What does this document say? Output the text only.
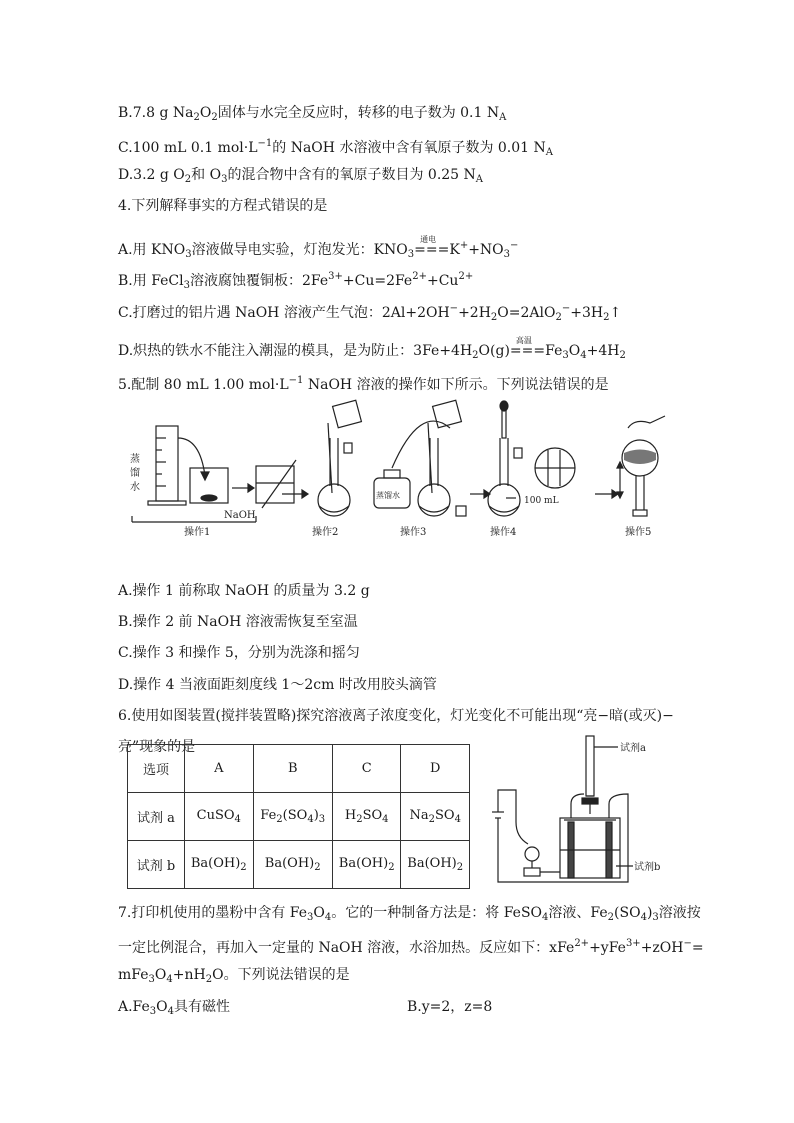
B.7.8 g $Na_2O_2$固体与水完全反应时，转移的电子数为 0.1 $N_A$
C.100 mL 0.1 $mol\cdot L^{-1}$的 NaOH 水溶液中含有氧原子数为 0.01 $N_A$
D.3.2 g $O_2$和 $O_3$的混合物中含有的氧原子数目为 0.25 $N_A$
4.下列解释事实的方程式错误的是
A.用 $KNO_3$溶液做导电实验，灯泡发光：$KNO_3$
通电
$===K^++NO_3^-$
B.用 FeCl$_3$溶液腐蚀覆铜板：$2Fe^{3+}+Cu=2Fe^{2+}+Cu^{2+}$
C.打磨过的铝片遇 NaOH 溶液产生气泡：$2Al+2OH^-+2H_2O=2AlO_2^-+3H_2↑$
D.炽热的铁水不能注入潮湿的模具，是为防止：$3Fe+4H_2O(g)$
高温
$===Fe_3O_4+4H_2$
5.配制 80 mL 1.00 $mol\cdot L^{-1}$ NaOH 溶液的操作如下所示。下列说法错误的是
蒸
馏
水
NaOH
蒸馏水
100 mL
操作1	操作2	操作3	操作4	操作5
A.操作 1 前称取 NaOH 的质量为 3.2 g
B.操作 2 前 NaOH 溶液需恢复至室温
C.操作 3 和操作 5，分别为洗涤和摇匀
D.操作 4 当液面距刻度线 1～2cm 时改用胶头滴管
6.使用如图装置(搅拌装置略)探究溶液离子浓度变化，灯光变化不可能出现“亮−暗(或灭)−
亮”现象的是
选项	A	B	C	D
试剂 a	CuSO$_4$	$Fe_2(SO_4)_3$	$H_2SO_4$	$Na_2SO_4$
试剂 b	$Ba(OH)_2$	$Ba(OH)_2$	$Ba(OH)_2$	$Ba(OH)_2$
试剂a
试剂b
7.打印机使用的墨粉中含有 $Fe_3O_4$。它的一种制备方法是：将 FeSO$_4$溶液、$Fe_2(SO_4)_3$溶液按
一定比例混合，再加入一定量的 NaOH 溶液，水浴加热。反应如下：xFe$^{2+}$+yFe$^{3+}$+zOH−=
$mFe_3O_4+nH_2O$。下列说法错误的是
$A.Fe_3O_4$具有磁性	B.y=2，z=8
